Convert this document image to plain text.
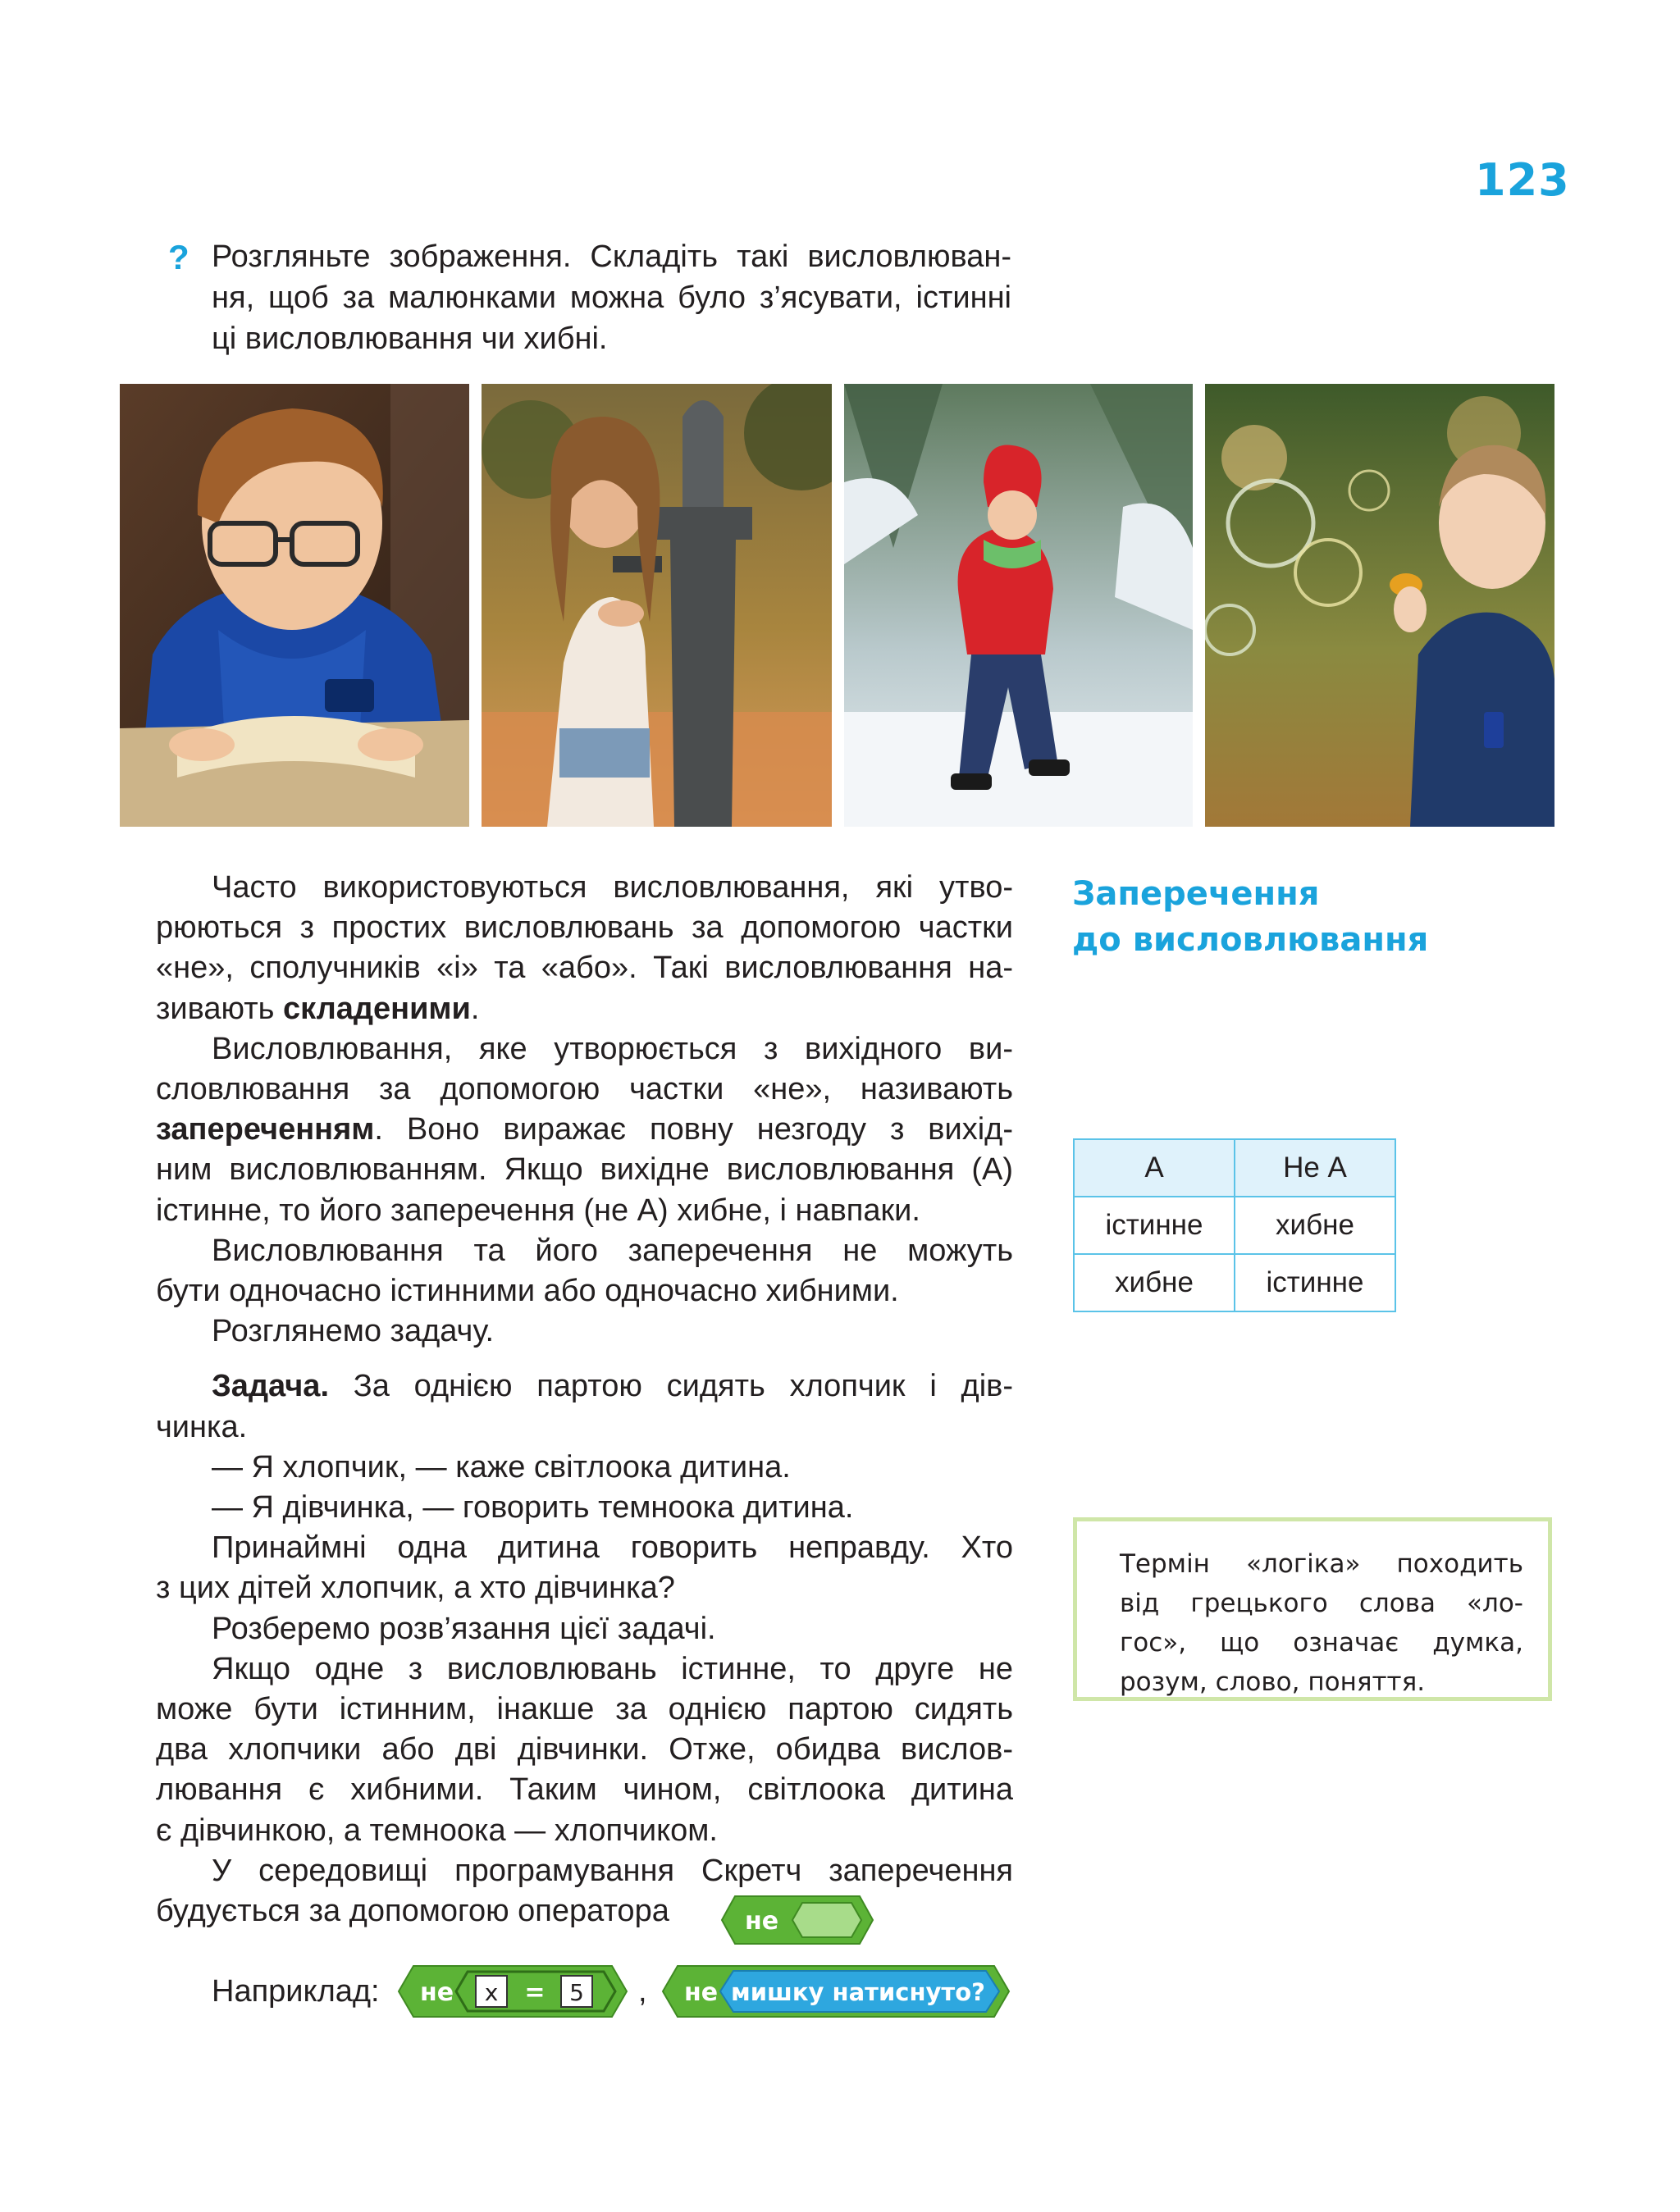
123
? Розгляньте зображення. Складіть такі висловлюван-
ня, щоб за малюнками можна було з’ясувати, істинні
ці висловлювання чи хибні.

Часто використовуються висловлювання, які утво-
рюються з простих висловлювань за допомогою частки
«не», сполучників «і» та «або». Такі висловлювання на-
зивають складеними.

Висловлювання, яке утворюється з вихідного ви-
словлювання за допомогою частки «не», називають
запереченням. Воно виражає повну незгоду з вихід-
ним висловлюванням. Якщо вихідне висловлювання (А)
істинне, то його заперечення (не А) хибне, і навпаки.

Висловлювання та його заперечення не можуть
бути одночасно істинними або одночасно хибними.

Розглянемо задачу.

Задача. За однією партою сидять хлопчик і дів-
чинка.
— Я хлопчик, — каже світлоока дитина.
— Я дівчинка, — говорить темноока дитина.
Принаймні одна дитина говорить неправду. Хто
з цих дітей хлопчик, а хто дівчинка?
Розберемо розв’язання цієї задачі.
Якщо одне з висловлювань істинне, то друге не
може бути істинним, інакше за однією партою сидять
два хлопчики або дві дівчинки. Отже, обидва вислов-
лювання є хибними. Таким чином, світлоока дитина
є дівчинкою, а темноока — хлопчиком.
У середовищі програмування Скретч заперечення
будується за допомогою оператора	не
Наприклад: не x = 5 , не мишку натиснуто?
Заперечення
до висловлювання
А	Не А
істинне	хибне
хибне	істинне
Термін «логіка» походить
від грецького слова «ло-
гос», що означає думка,
розум, слово, поняття.
